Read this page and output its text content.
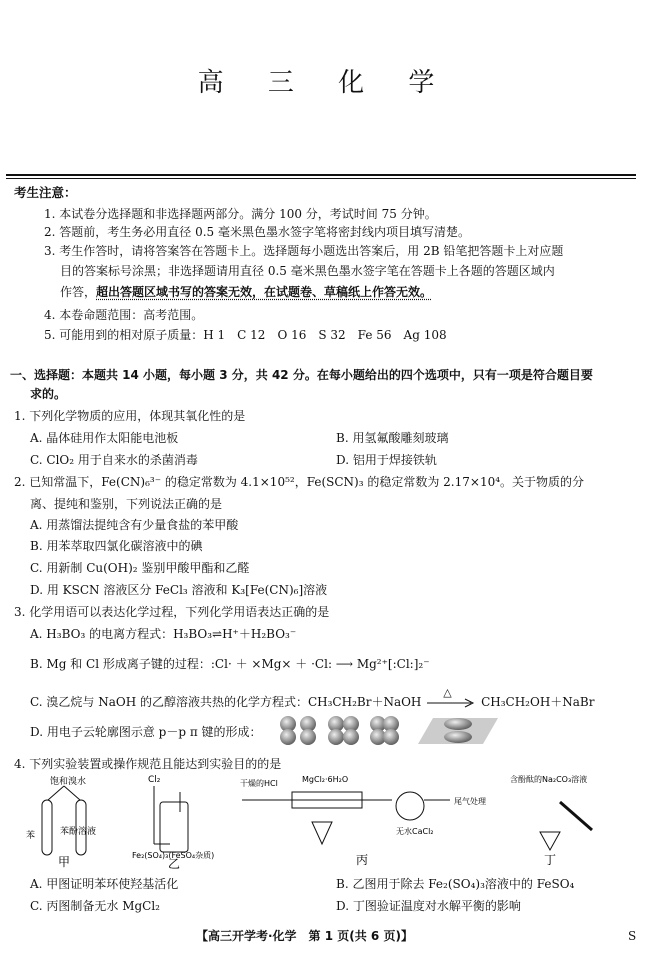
高 三 化 学
考生注意：
1. 本试卷分选择题和非选择题两部分。满分 100 分，考试时间 75 分钟。
2. 答题前，考生务必用直径 0.5 毫米黑色墨水签字笔将密封线内项目填写清楚。
3. 考生作答时，请将答案答在答题卡上。选择题每小题选出答案后，用 2B 铅笔把答题卡上对应题
目的答案标号涂黑；非选择题请用直径 0.5 毫米黑色墨水签字笔在答题卡上各题的答题区域内
作答，超出答题区域书写的答案无效，在试题卷、草稿纸上作答无效。
4. 本卷命题范围：高考范围。
5. 可能用到的相对原子质量：H 1　C 12　O 16　S 32　Fe 56　Ag 108
一、选择题：本题共 14 小题，每小题 3 分，共 42 分。在每小题给出的四个选项中，只有一项是符合题目要
求的。
1. 下列化学物质的应用，体现其氧化性的是
A. 晶体硅用作太阳能电池板	B. 用氢氟酸雕刻玻璃
C. ClO₂ 用于自来水的杀菌消毒	D. 铝用于焊接铁轨
2. 已知常温下，Fe(CN)₆³⁻ 的稳定常数为 4.1×10⁵²，Fe(SCN)₃ 的稳定常数为 2.17×10⁴。关于物质的分
离、提纯和鉴别，下列说法正确的是
A. 用蒸馏法提纯含有少量食盐的苯甲酸
B. 用苯萃取四氯化碳溶液中的碘
C. 用新制 Cu(OH)₂ 鉴别甲酸甲酯和乙醛
D. 用 KSCN 溶液区分 FeCl₃ 溶液和 K₃[Fe(CN)₆]溶液
3. 化学用语可以表达化学过程，下列化学用语表达正确的是
A. H₃BO₃ 的电离方程式：H₃BO₃⇌H⁺＋H₂BO₃⁻
B. Mg 和 Cl 形成离子键的过程：:Cl· ＋ ×Mg× ＋ ·Cl: ⟶ Mg²⁺[:Cl:]₂⁻
C. 溴乙烷与 NaOH 的乙醇溶液共热的化学方程式：CH₃CH₂Br＋NaOH
△
CH₃CH₂OH＋NaBr
D. 用电子云轮廓图示意 p－p π 键的形成：
4. 下列实验装置或操作规范且能达到实验目的的是
饱和溴水
苯	苯酚溶液
甲
Cl₂
Fe₂(SO₄)₃(FeSO₄杂质)
乙
干燥的HCl	MgCl₂·6H₂O
无水CaCl₂
尾气处理
丙
含酚酞的Na₂CO₃溶液
丁
A. 甲图证明苯环使羟基活化	B. 乙图用于除去 Fe₂(SO₄)₃溶液中的 FeSO₄
C. 丙图制备无水 MgCl₂	D. 丁图验证温度对水解平衡的影响
【高三开学考·化学　第 1 页(共 6 页)】	S
